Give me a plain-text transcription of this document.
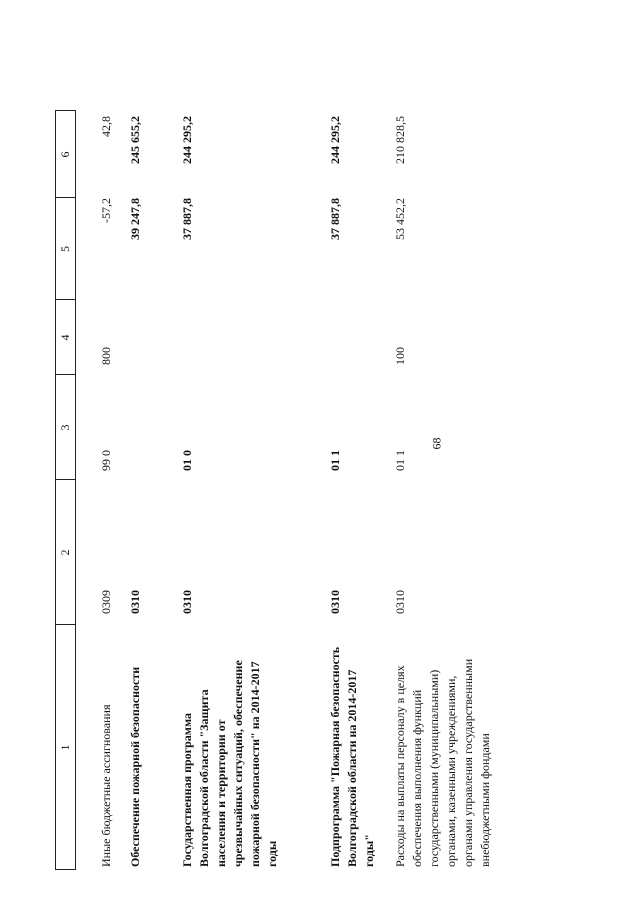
68
1
2
3
4
5
6
Иные бюджетные ассигнования
0309
99 0
800
-57,2
42,8
Обеспечение пожарной безопасности
0310
39 247,8
245 655,2
Государственная программа Волгоградской области "Защита населения и территории от чрезвычайных ситуаций, обеспечение пожарной безопасности" на 2014-2017 годы
0310
01 0
37 887,8
244 295,2
Подпрограмма "Пожарная безопасность Волгоградской области на 2014-2017 годы"
0310
01 1
37 887,8
244 295,2
Расходы на выплаты персоналу в целях обеспечения выполнения функций государственными (муниципальными) органами, казенными учреждениями, органами управления государственными внебюджетными фондами
0310
01 1
100
53 452,2
210 828,5
